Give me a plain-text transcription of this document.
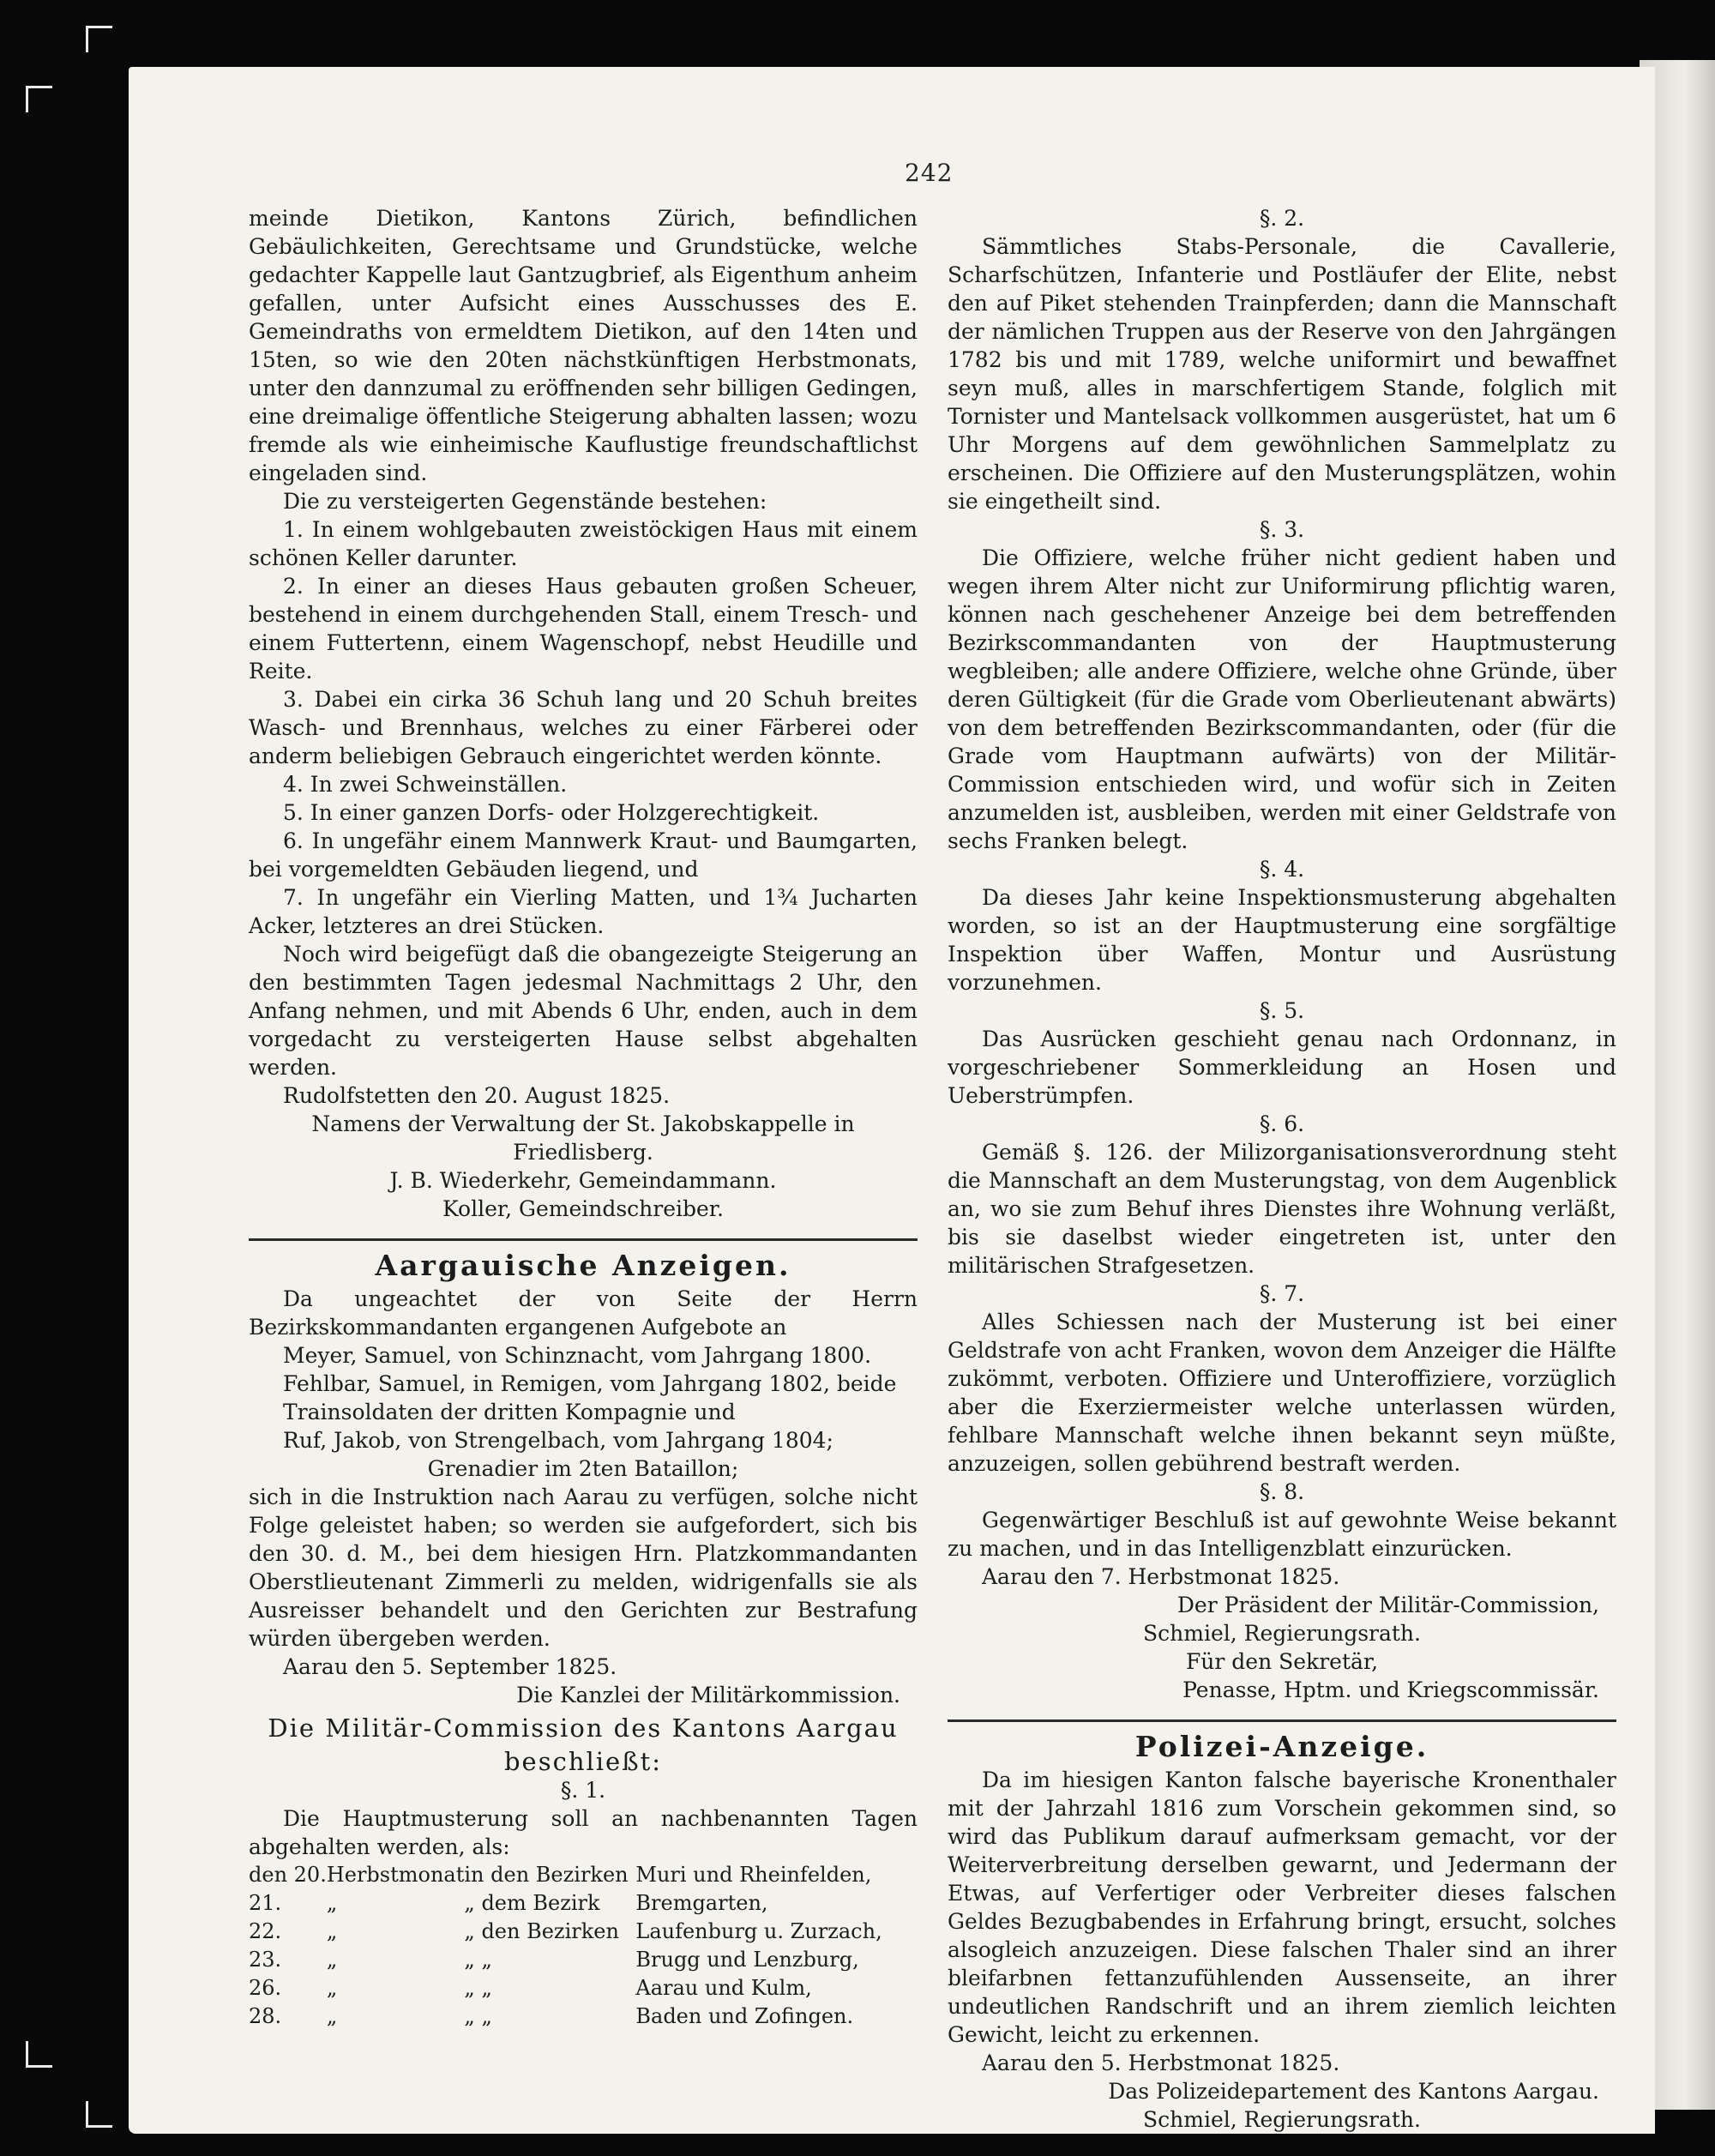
242

meinde Dietikon, Kantons Zürich, befindlichen Gebäulichkeiten, Gerechtsame und Grundstücke, welche gedachter Kappelle laut Gantzugbrief, als Eigenthum anheim gefallen, unter Aufsicht eines Ausschusses des E. Gemeindraths von ermeldtem Dietikon, auf den 14ten und 15ten, so wie den 20ten nächstkünftigen Herbstmonats, unter den dannzumal zu eröffnenden sehr billigen Gedingen, eine dreimalige öffentliche Steigerung abhalten lassen; wozu fremde als wie einheimische Kauflustige freundschaftlichst eingeladen sind.

Die zu versteigerten Gegenstände bestehen:

1. In einem wohlgebauten zweistöckigen Haus mit einem schönen Keller darunter.

2. In einer an dieses Haus gebauten großen Scheuer, bestehend in einem durchgehenden Stall, einem Tresch- und einem Futtertenn, einem Wagenschopf, nebst Heudille und Reite.

3. Dabei ein cirka 36 Schuh lang und 20 Schuh breites Wasch- und Brennhaus, welches zu einer Färberei oder anderm beliebigen Gebrauch eingerichtet werden könnte.

4. In zwei Schweinställen.

5. In einer ganzen Dorfs- oder Holzgerechtigkeit.

6. In ungefähr einem Mannwerk Kraut- und Baumgarten, bei vorgemeldten Gebäuden liegend, und

7. In ungefähr ein Vierling Matten, und 1¾ Jucharten Acker, letzteres an drei Stücken.

Noch wird beigefügt daß die obangezeigte Steigerung an den bestimmten Tagen jedesmal Nachmittags 2 Uhr, den Anfang nehmen, und mit Abends 6 Uhr, enden, auch in dem vorgedacht zu versteigerten Hause selbst abgehalten werden.

Rudolfstetten den 20. August 1825.

Namens der Verwaltung der St. Jakobskappelle in Friedlisberg.

J. B. Wiederkehr, Gemeindammann.

Koller, Gemeindschreiber.

Aargauische Anzeigen.

Da ungeachtet der von Seite der Herrn Bezirkskommandanten ergangenen Aufgebote an

Meyer, Samuel, von Schinznacht, vom Jahrgang 1800.

Fehlbar, Samuel, in Remigen, vom Jahrgang 1802, beide

Trainsoldaten der dritten Kompagnie und

Ruf, Jakob, von Strengelbach, vom Jahrgang 1804;

Grenadier im 2ten Bataillon;

sich in die Instruktion nach Aarau zu verfügen, solche nicht Folge geleistet haben; so werden sie aufgefordert, sich bis den 30. d. M., bei dem hiesigen Hrn. Platzkommandanten Oberstlieutenant Zimmerli zu melden, widrigenfalls sie als Ausreisser behandelt und den Gerichten zur Bestrafung würden übergeben werden.

Aarau den 5. September 1825.

Die Kanzlei der Militärkommission.

Die Militär-Commission des Kantons Aargau

beschließt:

§. 1.

Die Hauptmusterung soll an nachbenannten Tagen abgehalten werden, als:

den 20.	Herbstmonat	in den Bezirken	Muri und Rheinfelden,
21.	„	„ dem Bezirk	Bremgarten,
22.	„	„ den Bezirken	Laufenburg u. Zurzach,
23.	„	„ „	Brugg und Lenzburg,
26.	„	„ „	Aarau und Kulm,
28.	„	„ „	Baden und Zofingen.

§. 2.

Sämmtliches Stabs-Personale, die Cavallerie, Scharfschützen, Infanterie und Postläufer der Elite, nebst den auf Piket stehenden Trainpferden; dann die Mannschaft der nämlichen Truppen aus der Reserve von den Jahrgängen 1782 bis und mit 1789, welche uniformirt und bewaffnet seyn muß, alles in marschfertigem Stande, folglich mit Tornister und Mantelsack vollkommen ausgerüstet, hat um 6 Uhr Morgens auf dem gewöhnlichen Sammelplatz zu erscheinen. Die Offiziere auf den Musterungsplätzen, wohin sie eingetheilt sind.

§. 3.

Die Offiziere, welche früher nicht gedient haben und wegen ihrem Alter nicht zur Uniformirung pflichtig waren, können nach geschehener Anzeige bei dem betreffenden Bezirkscommandanten von der Hauptmusterung wegbleiben; alle andere Offiziere, welche ohne Gründe, über deren Gültigkeit (für die Grade vom Oberlieutenant abwärts) von dem betreffenden Bezirkscommandanten, oder (für die Grade vom Hauptmann aufwärts) von der Militär-Commission entschieden wird, und wofür sich in Zeiten anzumelden ist, ausbleiben, werden mit einer Geldstrafe von sechs Franken belegt.

§. 4.

Da dieses Jahr keine Inspektionsmusterung abgehalten worden, so ist an der Hauptmusterung eine sorgfältige Inspektion über Waffen, Montur und Ausrüstung vorzunehmen.

§. 5.

Das Ausrücken geschieht genau nach Ordonnanz, in vorgeschriebener Sommerkleidung an Hosen und Ueberstrümpfen.

§. 6.

Gemäß §. 126. der Milizorganisationsverordnung steht die Mannschaft an dem Musterungstag, von dem Augenblick an, wo sie zum Behuf ihres Dienstes ihre Wohnung verläßt, bis sie daselbst wieder eingetreten ist, unter den militärischen Strafgesetzen.

§. 7.

Alles Schiessen nach der Musterung ist bei einer Geldstrafe von acht Franken, wovon dem Anzeiger die Hälfte zukömmt, verboten. Offiziere und Unteroffiziere, vorzüglich aber die Exerziermeister welche unterlassen würden, fehlbare Mannschaft welche ihnen bekannt seyn müßte, anzuzeigen, sollen gebührend bestraft werden.

§. 8.

Gegenwärtiger Beschluß ist auf gewohnte Weise bekannt zu machen, und in das Intelligenzblatt einzurücken.

Aarau den 7. Herbstmonat 1825.

Der Präsident der Militär-Commission,

Schmiel, Regierungsrath.

Für den Sekretär,

Penasse, Hptm. und Kriegscommissär.

Polizei-Anzeige.

Da im hiesigen Kanton falsche bayerische Kronenthaler mit der Jahrzahl 1816 zum Vorschein gekommen sind, so wird das Publikum darauf aufmerksam gemacht, vor der Weiterverbreitung derselben gewarnt, und Jedermann der Etwas, auf Verfertiger oder Verbreiter dieses falschen Geldes Bezugbabendes in Erfahrung bringt, ersucht, solches alsogleich anzuzeigen. Diese falschen Thaler sind an ihrer bleifarbnen fettanzufühlenden Aussenseite, an ihrer undeutlichen Randschrift und an ihrem ziemlich leichten Gewicht, leicht zu erkennen.

Aarau den 5. Herbstmonat 1825.

Das Polizeidepartement des Kantons Aargau.

Schmiel, Regierungsrath.
